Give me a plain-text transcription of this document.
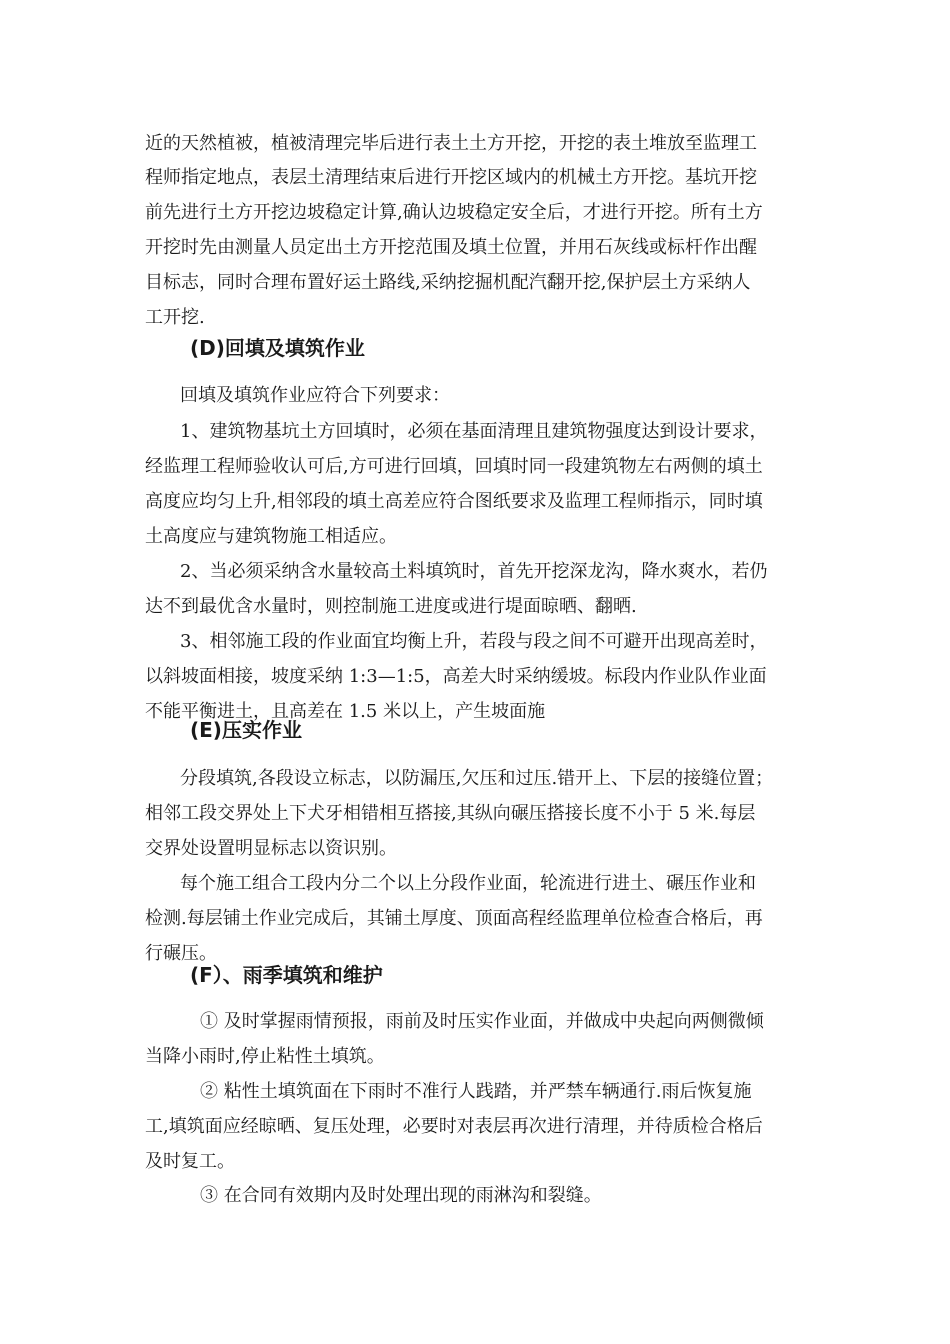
近的天然植被，植被清理完毕后进行表土土方开挖，开挖的表土堆放至监理工
程师指定地点，表层土清理结束后进行开挖区域内的机械土方开挖。基坑开挖
前先进行土方开挖边坡稳定计算,确认边坡稳定安全后，才进行开挖。所有土方
开挖时先由测量人员定出土方开挖范围及填土位置，并用石灰线或标杆作出醒
目标志，同时合理布置好运土路线,采纳挖掘机配汽翻开挖,保护层土方采纳人
工开挖.
(D)回填及填筑作业
回填及填筑作业应符合下列要求：
1、建筑物基坑土方回填时，必须在基面清理且建筑物强度达到设计要求，
经监理工程师验收认可后,方可进行回填，回填时同一段建筑物左右两侧的填土
高度应均匀上升,相邻段的填土高差应符合图纸要求及监理工程师指示，同时填
土高度应与建筑物施工相适应。
2、当必须采纳含水量较高土料填筑时，首先开挖深龙沟，降水爽水，若仍
达不到最优含水量时，则控制施工进度或进行堤面晾晒、翻晒.
3、相邻施工段的作业面宜均衡上升，若段与段之间不可避开出现高差时，
以斜坡面相接，坡度采纳 1:3—1:5，高差大时采纳缓坡。标段内作业队作业面
不能平衡进土，且高差在 1.5 米以上，产生坡面施
(E)压实作业
分段填筑,各段设立标志，以防漏压,欠压和过压.错开上、下层的接缝位置；
相邻工段交界处上下犬牙相错相互搭接,其纵向碾压搭接长度不小于 5 米.每层
交界处设置明显标志以资识别。
每个施工组合工段内分二个以上分段作业面，轮流进行进土、碾压作业和
检测.每层铺土作业完成后，其铺土厚度、顶面高程经监理单位检查合格后，再
行碾压。
(F）、雨季填筑和维护
① 及时掌握雨情预报，雨前及时压实作业面，并做成中央起向两侧微倾
当降小雨时,停止粘性土填筑。
② 粘性土填筑面在下雨时不准行人践踏，并严禁车辆通行.雨后恢复施
工,填筑面应经晾晒、复压处理，必要时对表层再次进行清理，并待质检合格后
及时复工。
③ 在合同有效期内及时处理出现的雨淋沟和裂缝。
